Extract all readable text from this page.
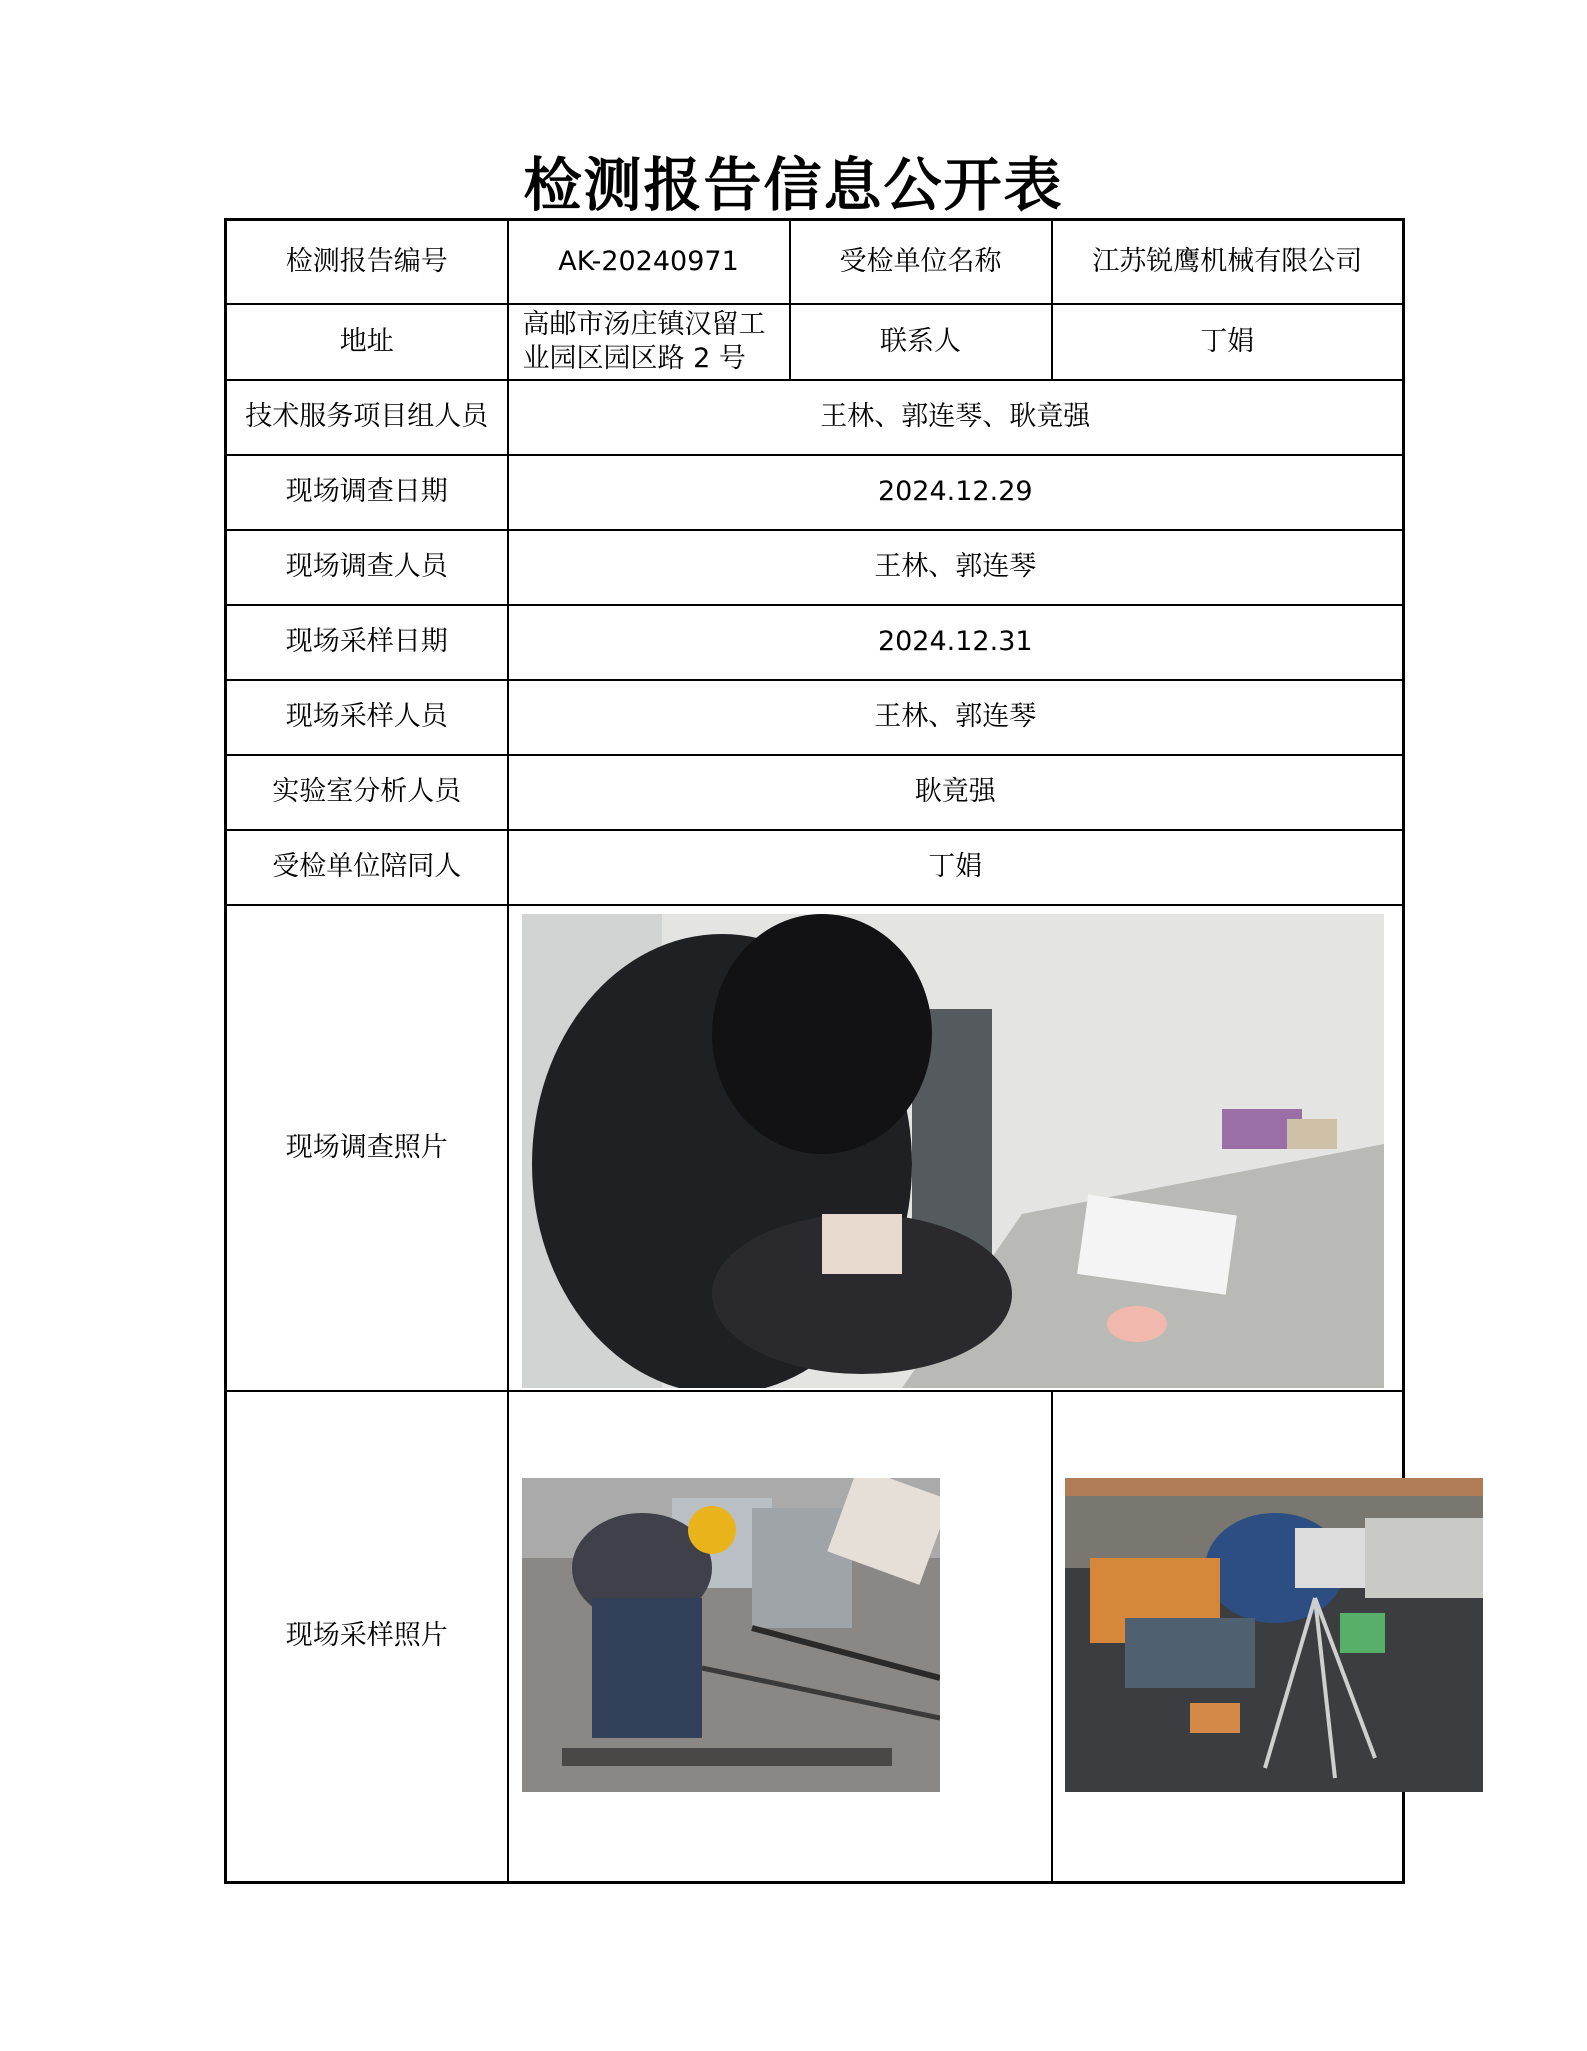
检测报告信息公开表
检测报告编号	AK-20240971	受检单位名称	江苏锐鹰机械有限公司
地址	高邮市汤庄镇汉留工业园区园区路 2 号	联系人	丁娟
技术服务项目组人员	王林、郭连琴、耿竟强		
现场调查日期	2024.12.29		
现场调查人员	王林、郭连琴		
现场采样日期	2024.12.31		
现场采样人员	王林、郭连琴		
实验室分析人员	耿竟强		
受检单位陪同人	丁娟		
现场调查照片	

现场采样照片	
